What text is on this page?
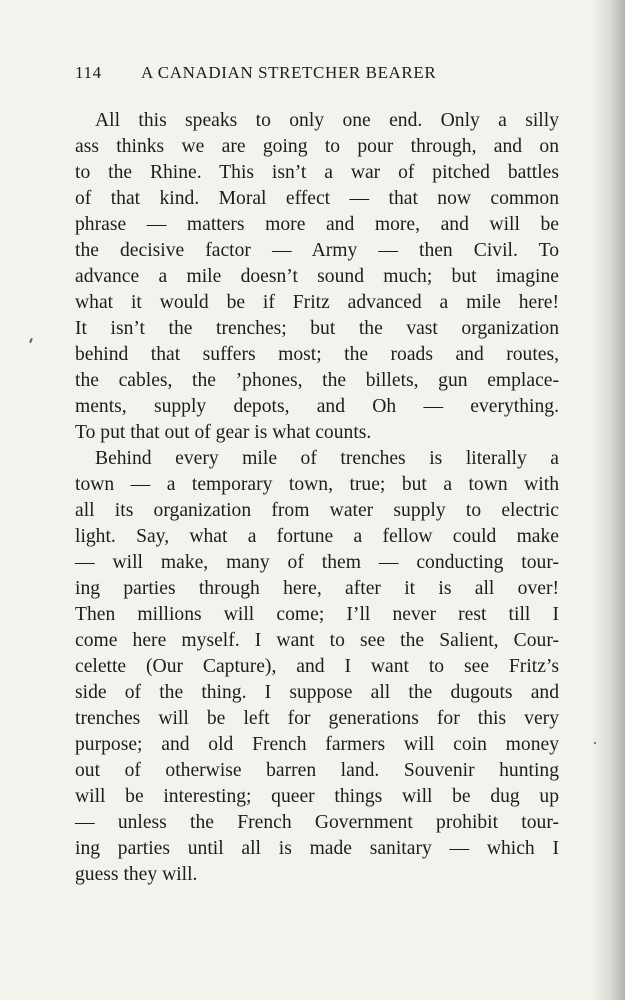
114 A CANADIAN STRETCHER BEARER
All this speaks to only one end. Only a silly
ass thinks we are going to pour through, and on
to the Rhine. This isn’t a war of pitched battles
of that kind. Moral effect — that now common
phrase — matters more and more, and will be
the decisive factor — Army — then Civil. To
advance a mile doesn’t sound much; but imagine
what it would be if Fritz advanced a mile here!
It isn’t the trenches; but the vast organization
behind that suffers most; the roads and routes,
the cables, the ’phones, the billets, gun emplace-
ments, supply depots, and Oh — everything.
To put that out of gear is what counts.
Behind every mile of trenches is literally a
town — a temporary town, true; but a town with
all its organization from water supply to electric
light. Say, what a fortune a fellow could make
— will make, many of them — conducting tour-
ing parties through here, after it is all over!
Then millions will come; I’ll never rest till I
come here myself. I want to see the Salient, Cour-
celette (Our Capture), and I want to see Fritz’s
side of the thing. I suppose all the dugouts and
trenches will be left for generations for this very
purpose; and old French farmers will coin money
out of otherwise barren land. Souvenir hunting
will be interesting; queer things will be dug up
— unless the French Government prohibit tour-
ing parties until all is made sanitary — which I
guess they will.
